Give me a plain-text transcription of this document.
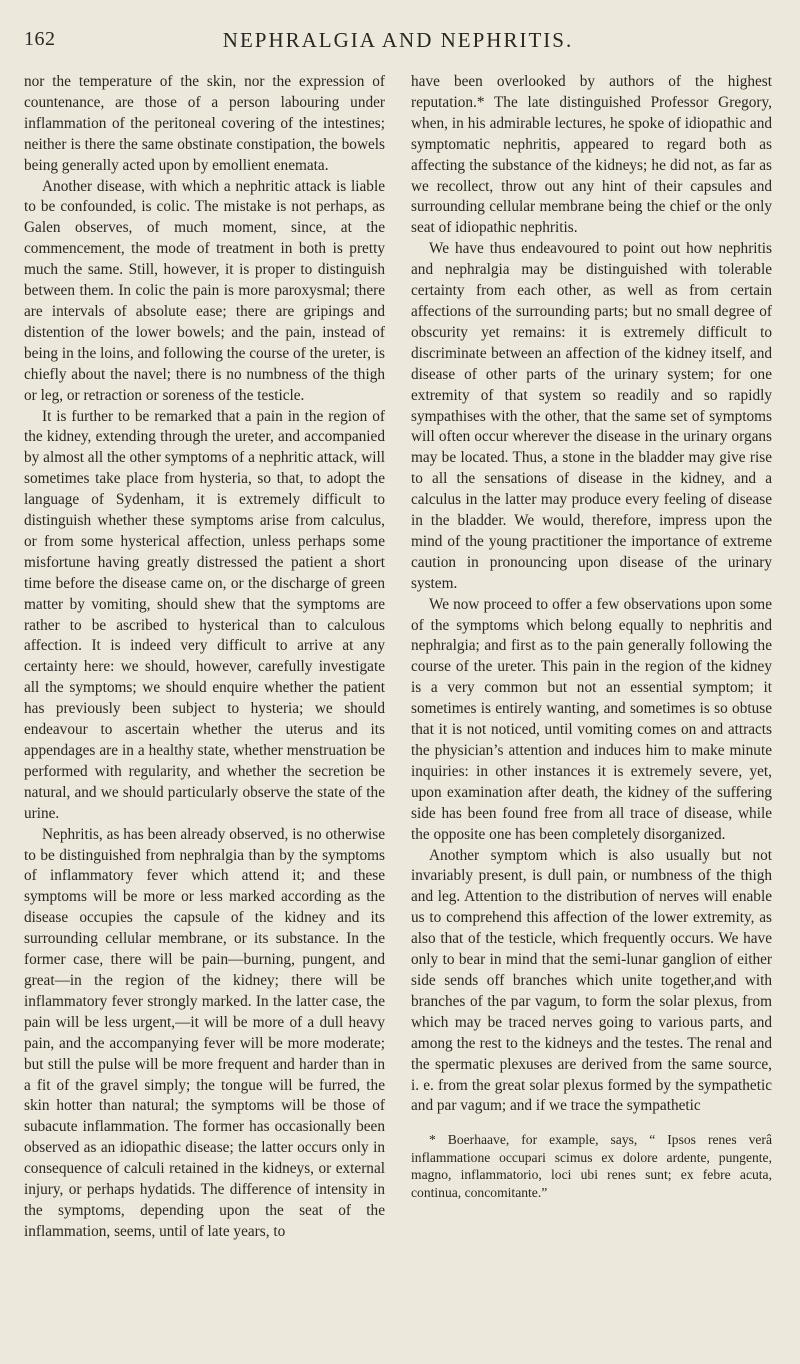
162	NEPHRALGIA AND NEPHRITIS.

nor the temperature of the skin, nor the expression of countenance, are those of a person labouring under inflammation of the peritoneal covering of the intestines; neither is there the same obstinate constipation, the bowels being generally acted upon by emollient enemata.

Another disease, with which a nephritic attack is liable to be confounded, is colic. The mistake is not perhaps, as Galen observes, of much moment, since, at the commencement, the mode of treatment in both is pretty much the same. Still, however, it is proper to distinguish between them. In colic the pain is more paroxysmal; there are intervals of absolute ease; there are gripings and distention of the lower bowels; and the pain, instead of being in the loins, and following the course of the ureter, is chiefly about the navel; there is no numbness of the thigh or leg, or retraction or soreness of the testicle.

It is further to be remarked that a pain in the region of the kidney, extending through the ureter, and accompanied by almost all the other symptoms of a nephritic attack, will sometimes take place from hysteria, so that, to adopt the language of Sydenham, it is extremely difficult to distinguish whether these symptoms arise from calculus, or from some hysterical affection, unless perhaps some misfortune having greatly distressed the patient a short time before the disease came on, or the discharge of green matter by vomiting, should shew that the symptoms are rather to be ascribed to hysterical than to calculous affection. It is indeed very difficult to arrive at any certainty here: we should, however, carefully investigate all the symptoms; we should enquire whether the patient has previously been subject to hysteria; we should endeavour to ascertain whether the uterus and its appendages are in a healthy state, whether menstruation be performed with regularity, and whether the secretion be natural, and we should particularly observe the state of the urine.

Nephritis, as has been already observed, is no otherwise to be distinguished from nephralgia than by the symptoms of inflammatory fever which attend it; and these symptoms will be more or less marked according as the disease occupies the capsule of the kidney and its surrounding cellular membrane, or its substance. In the former case, there will be pain—burning, pungent, and great—in the region of the kidney; there will be inflammatory fever strongly marked. In the latter case, the pain will be less urgent,—it will be more of a dull heavy pain, and the accompanying fever will be more moderate; but still the pulse will be more frequent and harder than in a fit of the gravel simply; the tongue will be furred, the skin hotter than natural; the symptoms will be those of subacute inflammation. The former has occasionally been observed as an idiopathic disease; the latter occurs only in consequence of calculi retained in the kidneys, or external injury, or perhaps hydatids. The difference of intensity in the symptoms, depending upon the seat of the inflammation, seems, until of late years, to

have been overlooked by authors of the highest reputation.* The late distinguished Professor Gregory, when, in his admirable lectures, he spoke of idiopathic and symptomatic nephritis, appeared to regard both as affecting the substance of the kidneys; he did not, as far as we recollect, throw out any hint of their capsules and surrounding cellular membrane being the chief or the only seat of idiopathic nephritis.

We have thus endeavoured to point out how nephritis and nephralgia may be distinguished with tolerable certainty from each other, as well as from certain affections of the surrounding parts; but no small degree of obscurity yet remains: it is extremely difficult to discriminate between an affection of the kidney itself, and disease of other parts of the urinary system; for one extremity of that system so readily and so rapidly sympathises with the other, that the same set of symptoms will often occur wherever the disease in the urinary organs may be located. Thus, a stone in the bladder may give rise to all the sensations of disease in the kidney, and a calculus in the latter may produce every feeling of disease in the bladder. We would, therefore, impress upon the mind of the young practitioner the importance of extreme caution in pronouncing upon disease of the urinary system.

We now proceed to offer a few observations upon some of the symptoms which belong equally to nephritis and nephralgia; and first as to the pain generally following the course of the ureter. This pain in the region of the kidney is a very common but not an essential symptom; it sometimes is entirely wanting, and sometimes is so obtuse that it is not noticed, until vomiting comes on and attracts the physician’s attention and induces him to make minute inquiries: in other instances it is extremely severe, yet, upon examination after death, the kidney of the suffering side has been found free from all trace of disease, while the opposite one has been completely disorganized.

Another symptom which is also usually but not invariably present, is dull pain, or numbness of the thigh and leg. Attention to the distribution of nerves will enable us to comprehend this affection of the lower extremity, as also that of the testicle, which frequently occurs. We have only to bear in mind that the semi-lunar ganglion of either side sends off branches which unite together,and with branches of the par vagum, to form the solar plexus, from which may be traced nerves going to various parts, and among the rest to the kidneys and the testes. The renal and the spermatic plexuses are derived from the same source, i. e. from the great solar plexus formed by the sympathetic and par vagum; and if we trace the sympathetic

* Boerhaave, for example, says, “ Ipsos renes verâ inflammatione occupari scimus ex dolore ardente, pungente, magno, inflammatorio, loci ubi renes sunt; ex febre acuta, continua, concomitante.”
